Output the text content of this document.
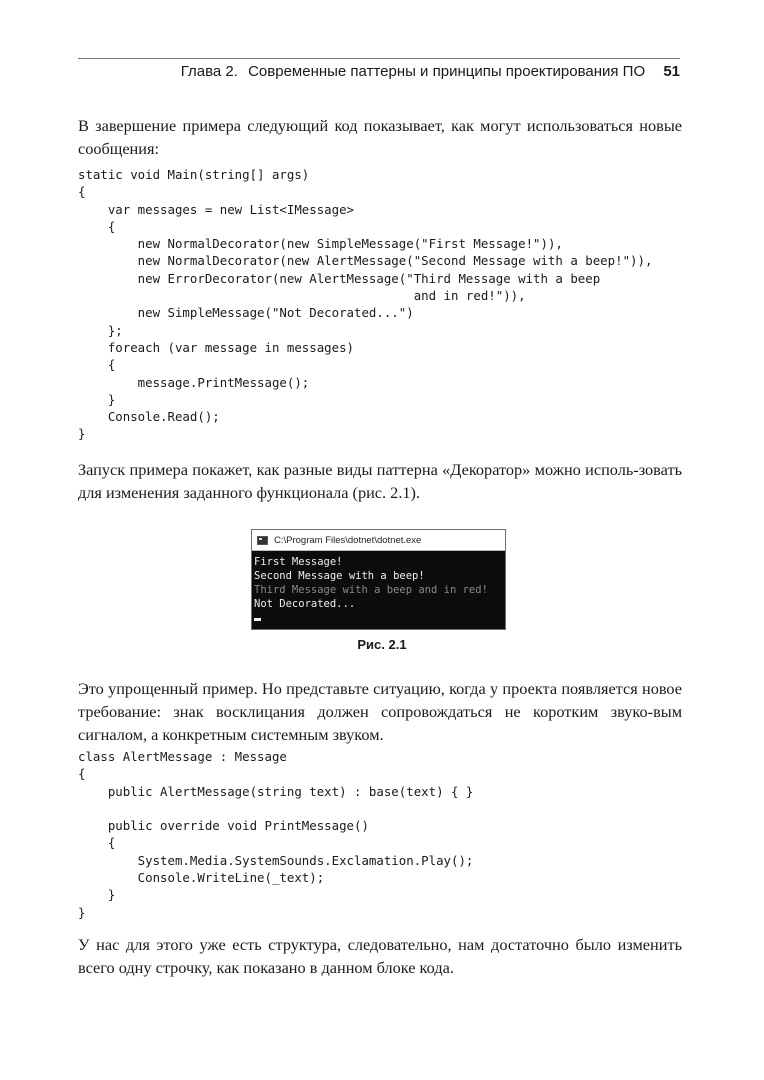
Глава 2. Современные паттерны и принципы проектирования ПО 51

В завершение примера следующий код показывает, как могут использоваться новые сообщения:

static void Main(string[] args)
{
var messages = new List<IMessage>
{
new NormalDecorator(new SimpleMessage("First Message!")),
new NormalDecorator(new AlertMessage("Second Message with a beep!")),
new ErrorDecorator(new AlertMessage("Third Message with a beep
and in red!")),
new SimpleMessage("Not Decorated...")
};
foreach (var message in messages)
{
message.PrintMessage();
}
Console.Read();
}

Запуск примера покажет, как разные виды паттерна «Декоратор» можно исполь-зовать для изменения заданного функционала (рис. 2.1).

C:\Program Files\dotnet\dotnet.exe
First Message!
Second Message with a beep!
Third Message with a beep and in red!
Not Decorated...
Рис. 2.1

Это упрощенный пример. Но представьте ситуацию, когда у проекта появляется новое требование: знак восклицания должен сопровождаться не коротким звуко-вым сигналом, а конкретным системным звуком.

class AlertMessage : Message
{
public AlertMessage(string text) : base(text) { }

public override void PrintMessage()
{
System.Media.SystemSounds.Exclamation.Play();
Console.WriteLine(_text);
}
}

У нас для этого уже есть структура, следовательно, нам достаточно было изменить всего одну строчку, как показано в данном блоке кода.
